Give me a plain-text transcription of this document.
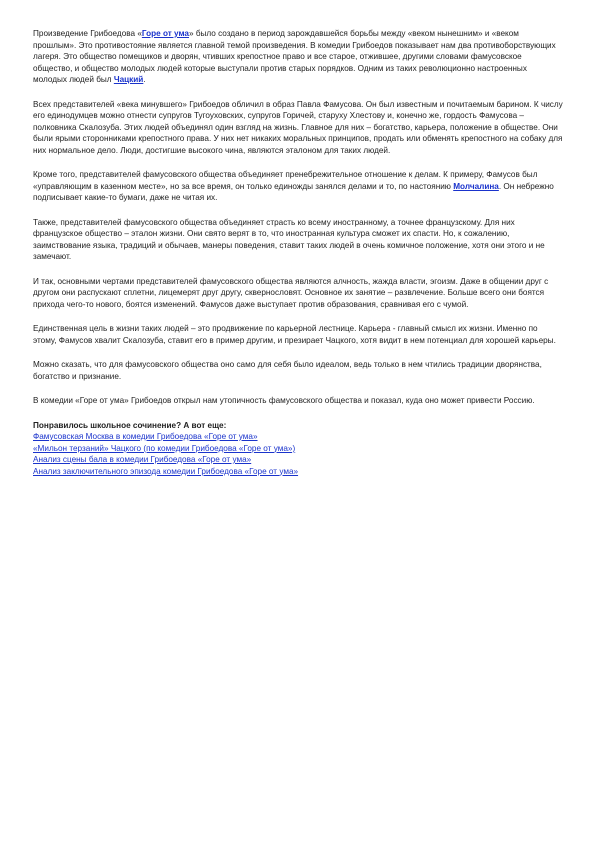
Произведение Грибоедова «Горе от ума» было создано в период зарождавшейся борьбы между «веком нынешним» и «веком прошлым». Это противостояние является главной темой произведения. В комедии Грибоедов показывает нам два противоборствующих лагеря. Это общество помещиков и дворян, чтивших крепостное право и все старое, отжившее, другими словами фамусовское общество, и общество молодых людей которые выступали против старых порядков. Одним из таких революционно настроенных молодых людей был Чацкий.

Всех представителей «века минувшего» Грибоедов обличил в образ Павла Фамусова. Он был известным и почитаемым барином. К числу его единодумцев можно отнести супругов Тугоуховских, супругов Горичей, старуху Хлестову и, конечно же, гордость Фамусова – полковника Скалозуба. Этих людей объединял один взгляд на жизнь. Главное для них – богатство, карьера, положение в обществе. Они были ярыми сторонниками крепостного права. У них нет никаких моральных принципов, продать или обменять крепостного на собаку для них нормальное дело. Люди, достигшие высокого чина, являются эталоном для таких людей.

Кроме того, представителей фамусовского общества объединяет пренебрежительное отношение к делам. К примеру, Фамусов был «управляющим в казенном месте», но за все время, он только единожды занялся делами и то, по настоянию Молчалина. Он небрежно подписывает какие-то бумаги, даже не читая их.

Также, представителей фамусовского общества объединяет страсть ко всему иностранному, а точнее французскому. Для них французское общество – эталон жизни. Они свято верят в то, что иностранная культура сможет их спасти. Но, к сожалению, заимствование языка, традиций и обычаев, манеры поведения, ставит таких людей в очень комичное положение, хотя они этого и не замечают.

И так, основными чертами представителей фамусовского общества являются алчность, жажда власти, эгоизм. Даже в общении друг с другом они распускают сплетни, лицемерят друг другу, сквернословят. Основное их занятие – развлечение. Больше всего они боятся прихода чего-то нового, боятся изменений. Фамусов даже выступает против образования, сравнивая его с чумой.

Единственная цель в жизни таких людей – это продвижение по карьерной лестнице. Карьера - главный смысл их жизни. Именно по этому, Фамусов хвалит Скалозуба, ставит его в пример другим, и презирает Чацкого, хотя видит в нем потенциал для хорошей карьеры.

Можно сказать, что для фамусовского общества оно само для себя было идеалом, ведь только в нем чтились традиции дворянства, богатство и признание.

В комедии «Горе от ума» Грибоедов открыл нам утопичность фамусовского общества и показал, куда оно может привести Россию.

Понравилось школьное сочинение? А вот еще:
Фамусовская Москва в комедии Грибоедова «Горе от ума»
«Мильон терзаний» Чацкого (по комедии Грибоедова «Горе от ума»)
Анализ сцены бала в комедии Грибоедова «Горе от ума»
Анализ заключительного эпизода комедии Грибоедова «Горе от ума»
